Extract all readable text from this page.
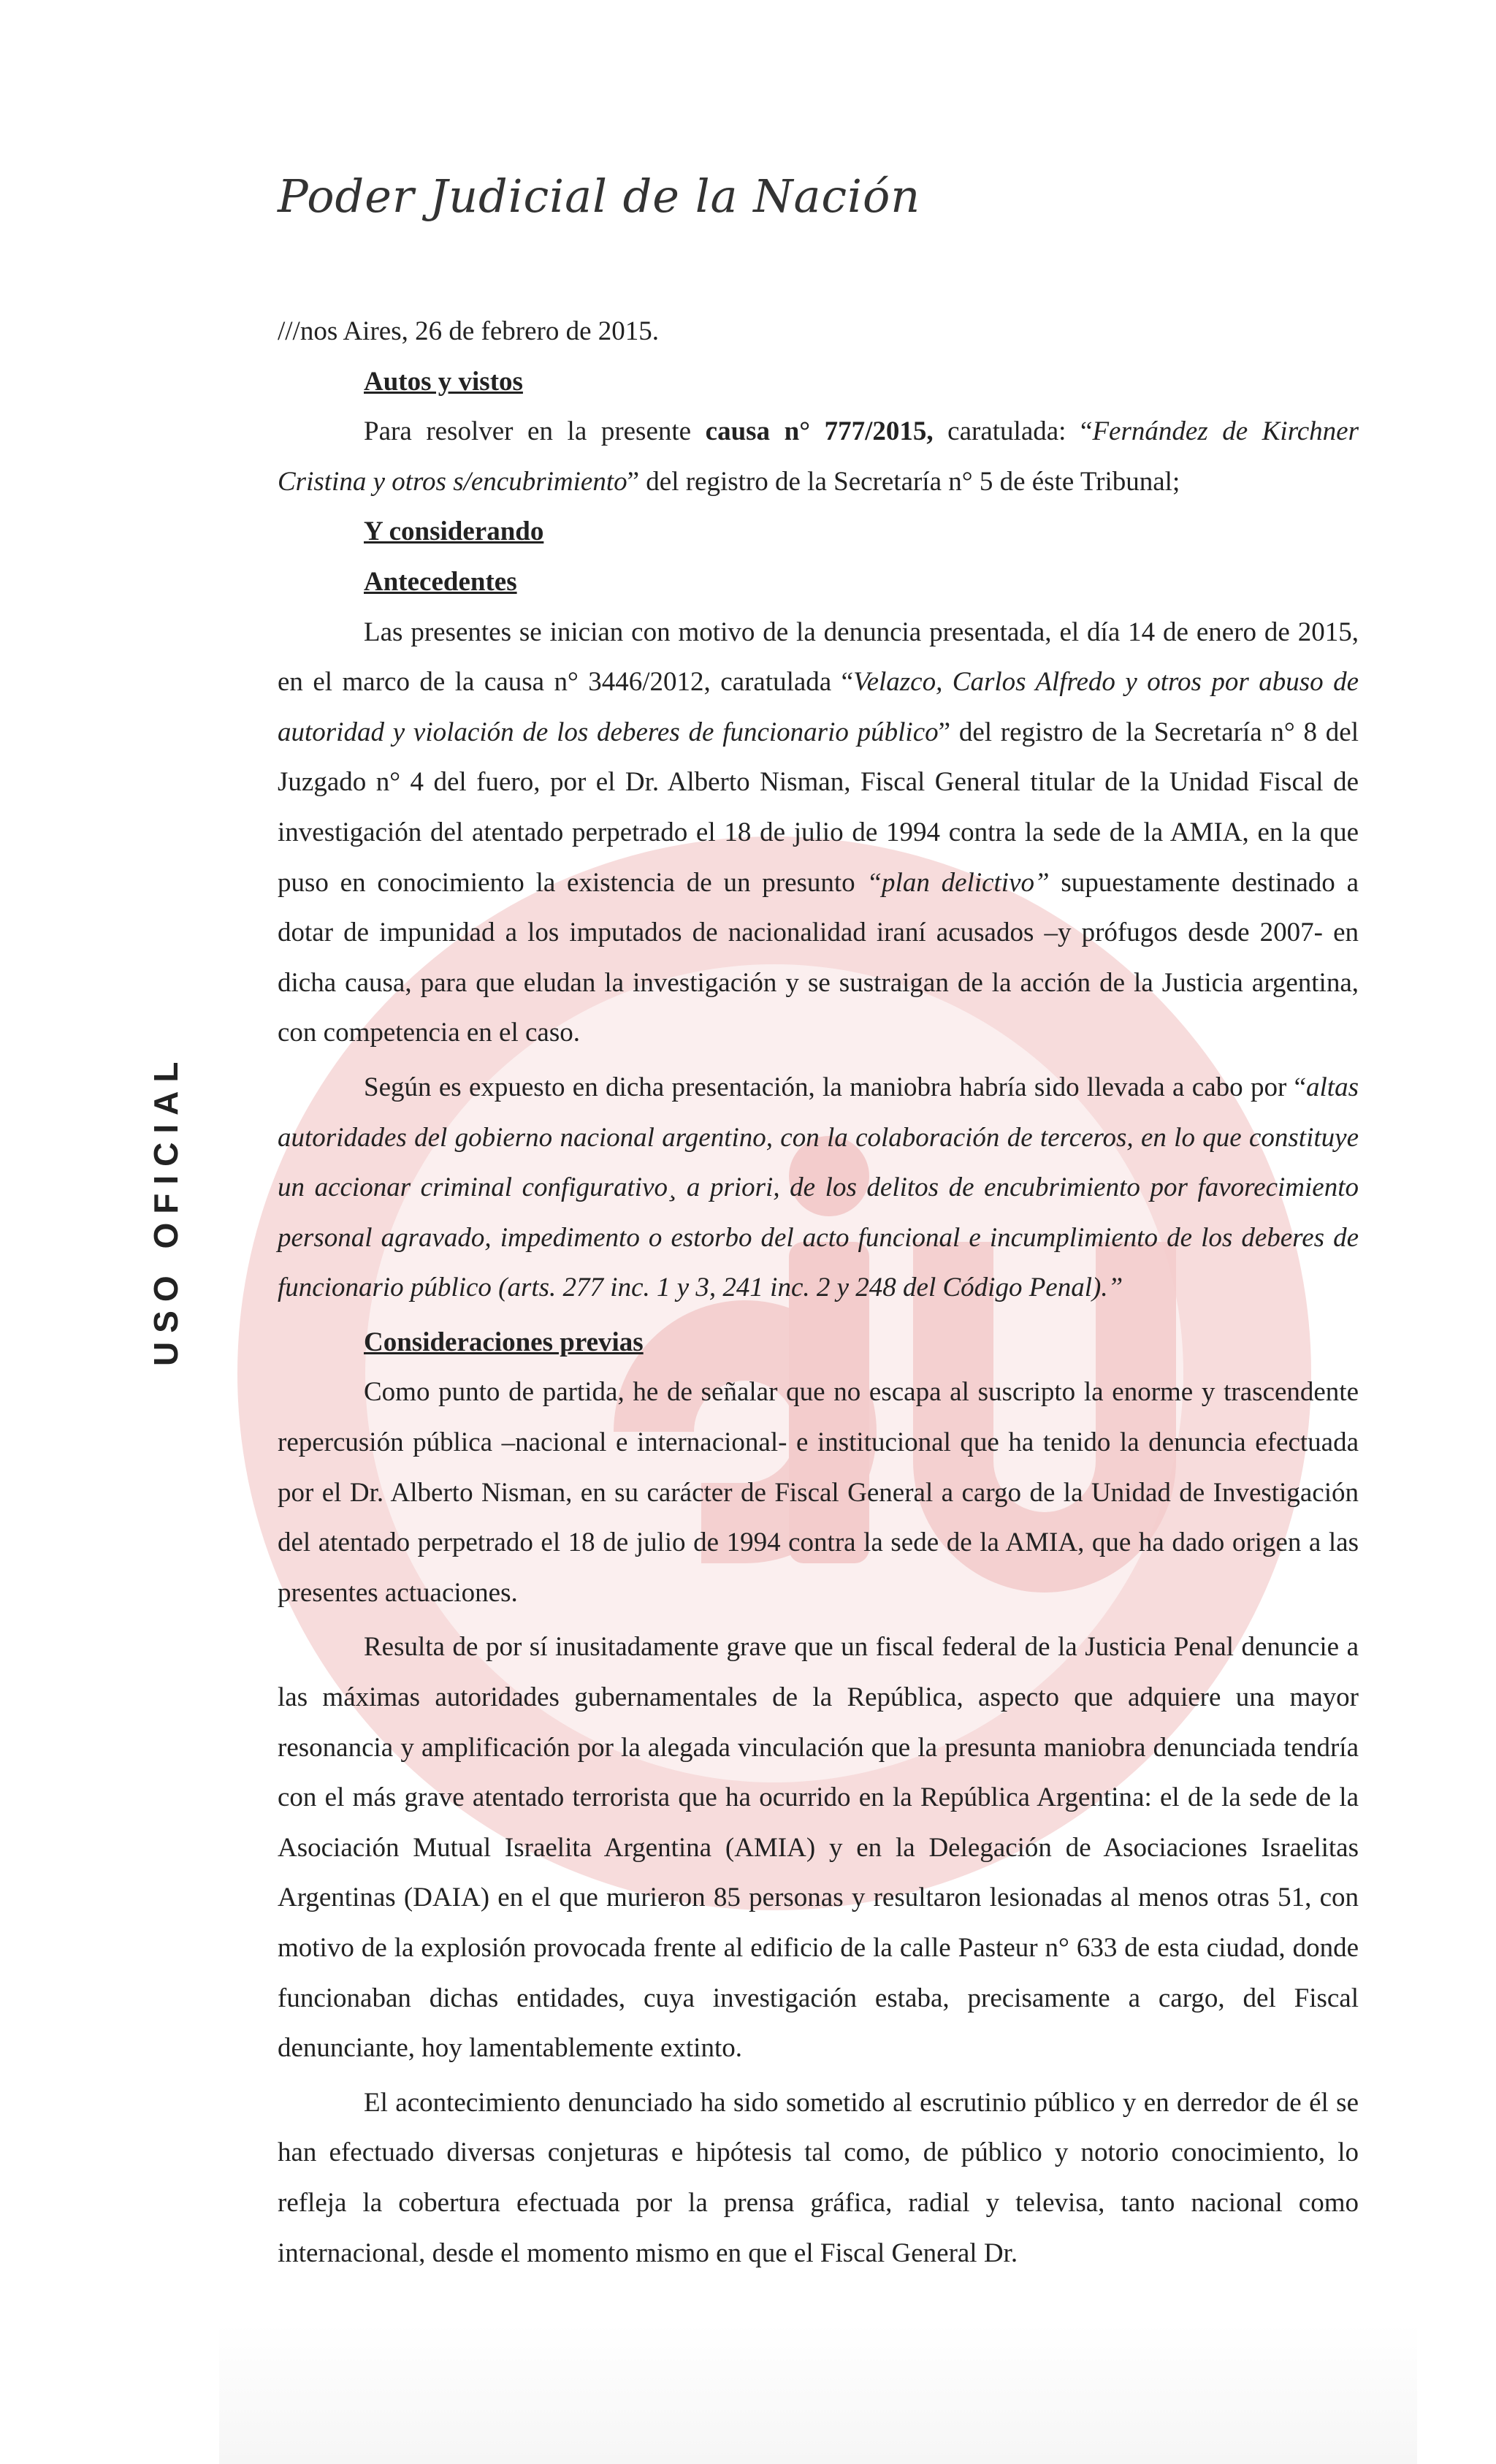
Poder Judicial de la Nación
USO OFICIAL

///nos Aires, 26 de febrero de 2015.

Autos y vistos

Para resolver en la presente causa n° 777/2015, caratulada: “Fernández de Kirchner Cristina y otros s/encubrimiento” del registro de la Secretaría n° 5 de éste Tribunal;

Y considerando

Antecedentes

Las presentes se inician con motivo de la denuncia presentada, el día 14 de enero de 2015, en el marco de la causa n° 3446/2012, caratulada “Velazco, Carlos Alfredo y otros por abuso de autoridad y violación de los deberes de funcionario público” del registro de la Secretaría n° 8 del Juzgado n° 4 del fuero, por el Dr. Alberto Nisman, Fiscal General titular de la Unidad Fiscal de investigación del atentado perpetrado el 18 de julio de 1994 contra la sede de la AMIA, en la que puso en conocimiento la existencia de un presunto “plan delictivo” supuestamente destinado a dotar de impunidad a los imputados de nacionalidad iraní acusados –y prófugos desde 2007- en dicha causa, para que eludan la investigación y se sustraigan de la acción de la Justicia argentina, con competencia en el caso.

Según es expuesto en dicha presentación, la maniobra habría sido llevada a cabo por “altas autoridades del gobierno nacional argentino, con la colaboración de terceros, en lo que constituye un accionar criminal configurativo¸ a priori, de los delitos de encubrimiento por favorecimiento personal agravado, impedimento o estorbo del acto funcional e incumplimiento de los deberes de funcionario público (arts. 277 inc. 1 y 3, 241 inc. 2 y 248 del Código Penal).”

Consideraciones previas

Como punto de partida, he de señalar que no escapa al suscripto la enorme y trascendente repercusión pública –nacional e internacional- e institucional que ha tenido la denuncia efectuada por el Dr. Alberto Nisman, en su carácter de Fiscal General a cargo de la Unidad de Investigación del atentado perpetrado el 18 de julio de 1994 contra la sede de la AMIA, que ha dado origen a las presentes actuaciones.

Resulta de por sí inusitadamente grave que un fiscal federal de la Justicia Penal denuncie a las máximas autoridades gubernamentales de la República, aspecto que adquiere una mayor resonancia y amplificación por la alegada vinculación que la presunta maniobra denunciada tendría con el más grave atentado terrorista que ha ocurrido en la República Argentina: el de la sede de la Asociación Mutual Israelita Argentina (AMIA) y en la Delegación de Asociaciones Israelitas Argentinas (DAIA) en el que murieron 85 personas y resultaron lesionadas al menos otras 51, con motivo de la explosión provocada frente al edificio de la calle Pasteur n° 633 de esta ciudad, donde funcionaban dichas entidades, cuya investigación estaba, precisamente a cargo, del Fiscal denunciante, hoy lamentablemente extinto.

El acontecimiento denunciado ha sido sometido al escrutinio público y en derredor de él se han efectuado diversas conjeturas e hipótesis tal como, de público y notorio conocimiento, lo refleja la cobertura efectuada por la prensa gráfica, radial y televisa, tanto nacional como internacional, desde el momento mismo en que el Fiscal General Dr.
